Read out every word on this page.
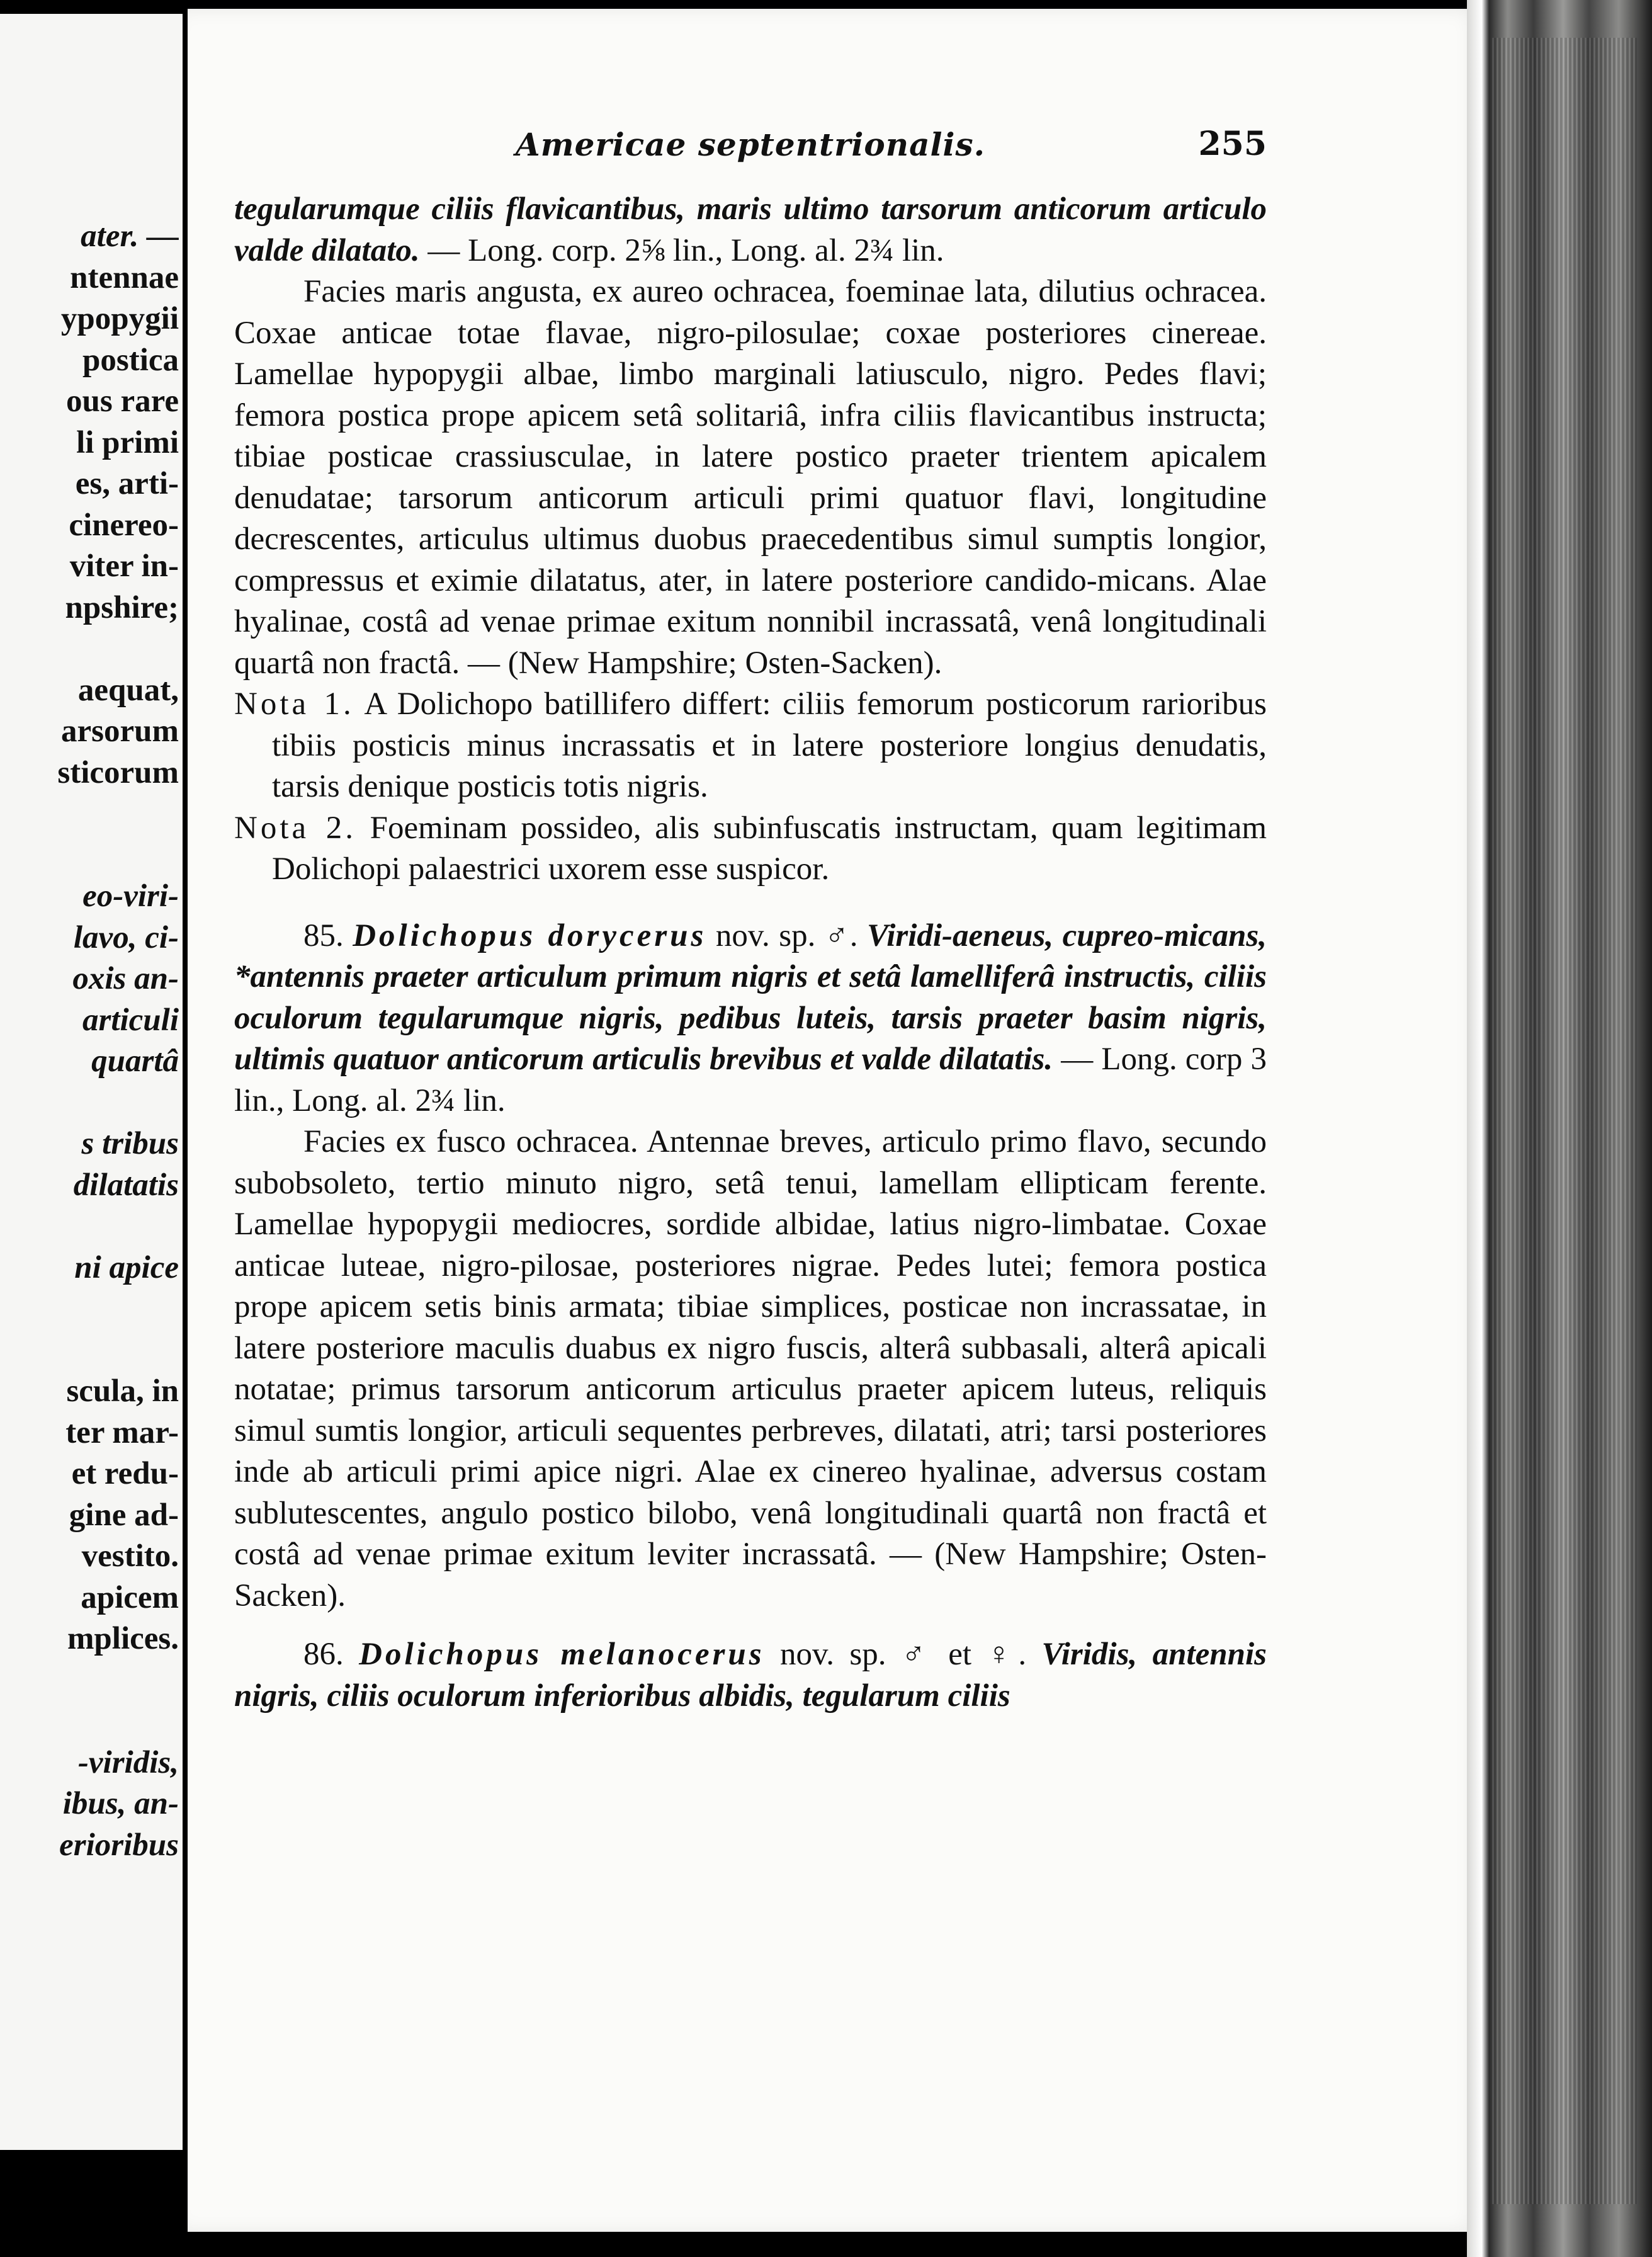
ater. —
ntennae
ypopygii
postica
ous rare
li primi
es, arti-
cinereo-
viter in-
npshire;
aequat,
arsorum
sticorum
eo-viri-
lavo, ci-
oxis an-
articuli
quartâ
s tribus
dilatatis
ni apice
scula, in
ter mar-
et redu-
gine ad-
vestito.
apicem
mplices.
-viridis,
ibus, an-
erioribus
Americae septentrionalis.	255

tegularumque ciliis flavicantibus, maris ultimo tarsorum anticorum articulo valde dilatato. — Long. corp. 2⅝ lin., Long. al. 2¾ lin.

Facies maris angusta, ex aureo ochracea, foeminae lata, dilutius ochracea. Coxae anticae totae flavae, nigro-pilosulae; coxae posteriores cinereae. Lamellae hypopygii albae, limbo marginali latiusculo, nigro. Pedes flavi; femora postica prope apicem setâ solitariâ, infra ciliis flavicantibus instructa; tibiae posticae crassiusculae, in latere postico praeter trientem apicalem denudatae; tarsorum anticorum articuli primi quatuor flavi, longitudine decrescentes, articulus ultimus duobus praecedentibus simul sumptis longior, compressus et eximie dilatatus, ater, in latere posteriore candido-micans. Alae hyalinae, costâ ad venae primae exitum nonnibil incrassatâ, venâ longitudinali quartâ non fractâ. — (New Hampshire; Osten-Sacken).

Nota 1. A Dolichopo batillifero differt: ciliis femorum posticorum rarioribus tibiis posticis minus incrassatis et in latere posteriore longius denudatis, tarsis denique posticis totis nigris.

Nota 2. Foeminam possideo, alis subinfuscatis instructam, quam legitimam Dolichopi palaestrici uxorem esse suspicor.

85. Dolichopus dorycerus nov. sp. ♂. Viridi-aeneus, cupreo-micans, *antennis praeter articulum primum nigris et setâ lamelliferâ instructis, ciliis oculorum tegularumque nigris, pedibus luteis, tarsis praeter basim nigris, ultimis quatuor anticorum articulis brevibus et valde dilatatis. — Long. corp 3 lin., Long. al. 2¾ lin.

Facies ex fusco ochracea. Antennae breves, articulo primo flavo, secundo subobsoleto, tertio minuto nigro, setâ tenui, lamellam ellipticam ferente. Lamellae hypopygii mediocres, sordide albidae, latius nigro-limbatae. Coxae anticae luteae, nigro-pilosae, posteriores nigrae. Pedes lutei; femora postica prope apicem setis binis armata; tibiae simplices, posticae non incrassatae, in latere posteriore maculis duabus ex nigro fuscis, alterâ subbasali, alterâ apicali notatae; primus tarsorum anticorum articulus praeter apicem luteus, reliquis simul sumtis longior, articuli sequentes perbreves, dilatati, atri; tarsi posteriores inde ab articuli primi apice nigri. Alae ex cinereo hyalinae, adversus costam sublutescentes, angulo postico bilobo, venâ longitudinali quartâ non fractâ et costâ ad venae primae exitum leviter incrassatâ. — (New Hampshire; Osten-Sacken).

86. Dolichopus melanocerus nov. sp. ♂ et ♀. Viridis, antennis nigris, ciliis oculorum inferioribus albidis, tegularum ciliis
